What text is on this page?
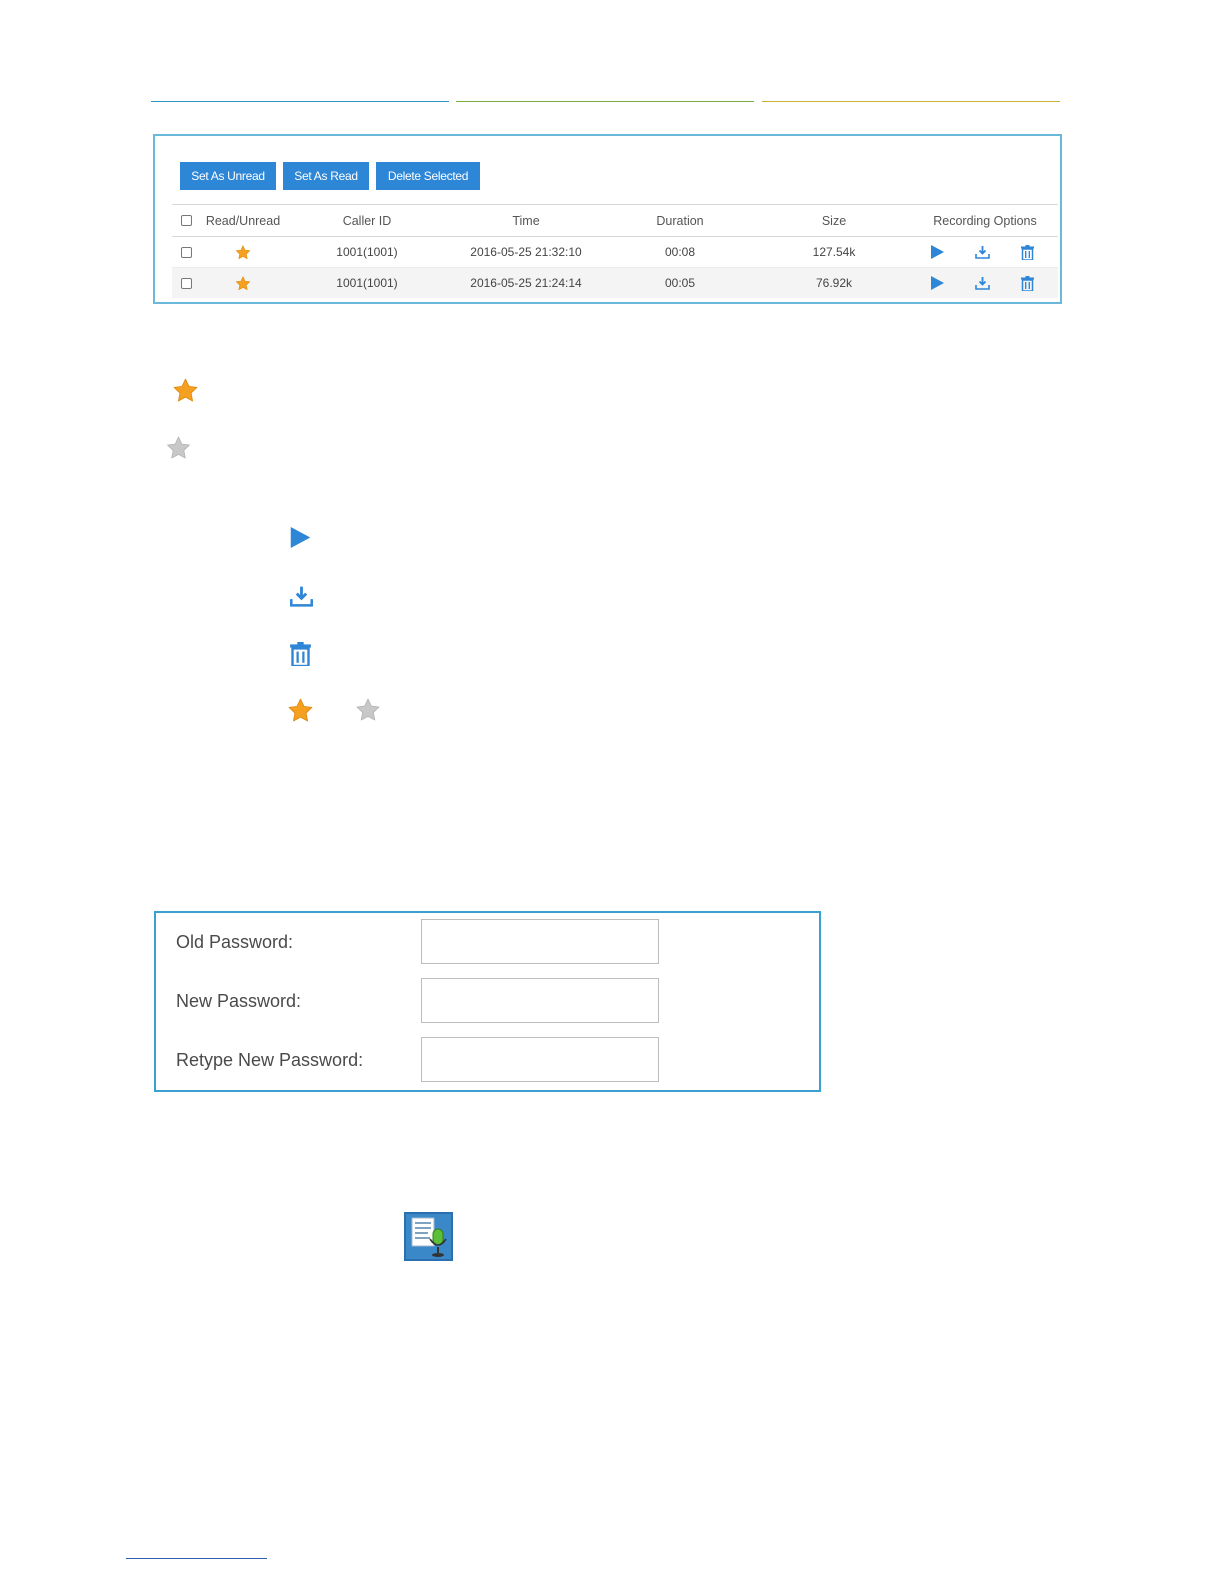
Set As Unread	Set As Read	Delete Selected
Read/Unread	Caller ID	Time	Duration	Size	Recording Options
1001(1001)	2016-05-25 21:32:10	00:08	127.54k
1001(1001)	2016-05-25 21:24:14	00:05	76.92k
Old Password:
New Password:
Retype New Password:
